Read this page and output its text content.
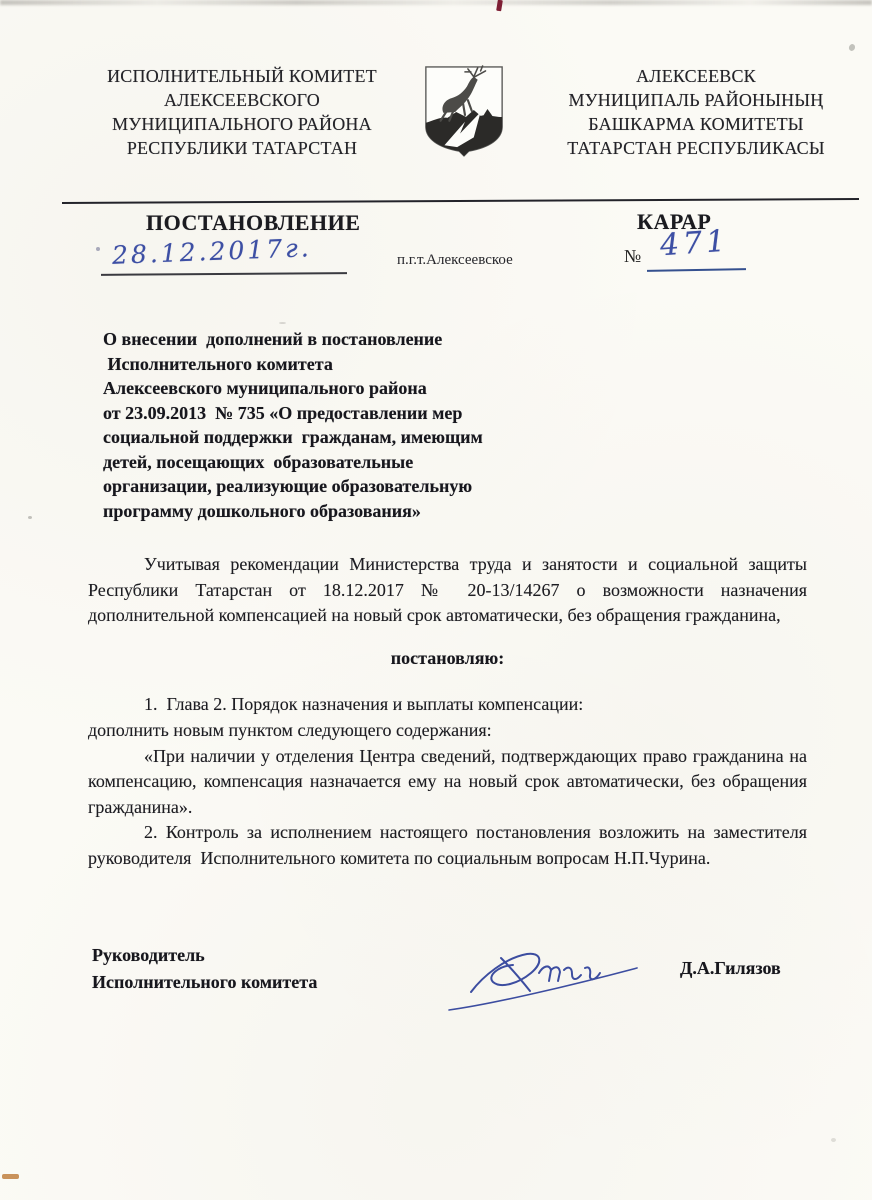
ИСПОЛНИТЕЛЬНЫЙ КОМИТЕТ
АЛЕКСЕЕВСКОГО
МУНИЦИПАЛЬНОГО РАЙОНА
РЕСПУБЛИКИ ТАТАРСТАН
АЛЕКСЕЕВСК
МУНИЦИПАЛЬ РАЙОНЫНЫҢ
БАШКАРМА КОМИТЕТЫ
ТАТАРСТАН РЕСПУБЛИКАСЫ
ПОСТАНОВЛЕНИЕ	КАРАР
28.12.2017г.	п.г.т.Алексеевское	№ 471
О внесении  дополнений в постановление
Исполнительного комитета
Алексеевского муниципального района
от 23.09.2013  № 735 «О предоставлении мер
социальной поддержки  гражданам, имеющим
детей, посещающих  образовательные
организации, реализующие образовательную
программу дошкольного образования»

Учитывая рекомендации Министерства труда и занятости и социальной защиты Республики Татарстан от 18.12.2017 № 20-13/14267 о возможности назначения дополнительной компенсацией на новый срок автоматически, без обращения гражданина,

постановляю:

1.  Глава 2. Порядок назначения и выплаты компенсации:

дополнить новым пунктом следующего содержания:

«При наличии у отделения Центра сведений, подтверждающих право гражданина на компенсацию, компенсация назначается ему на новый срок автоматически, без обращения гражданина».

2. Контроль за исполнением настоящего постановления возложить на заместителя руководителя  Исполнительного комитета по социальным вопросам Н.П.Чурина.

Руководитель
Исполнительного комитета
Д.А.Гилязов
